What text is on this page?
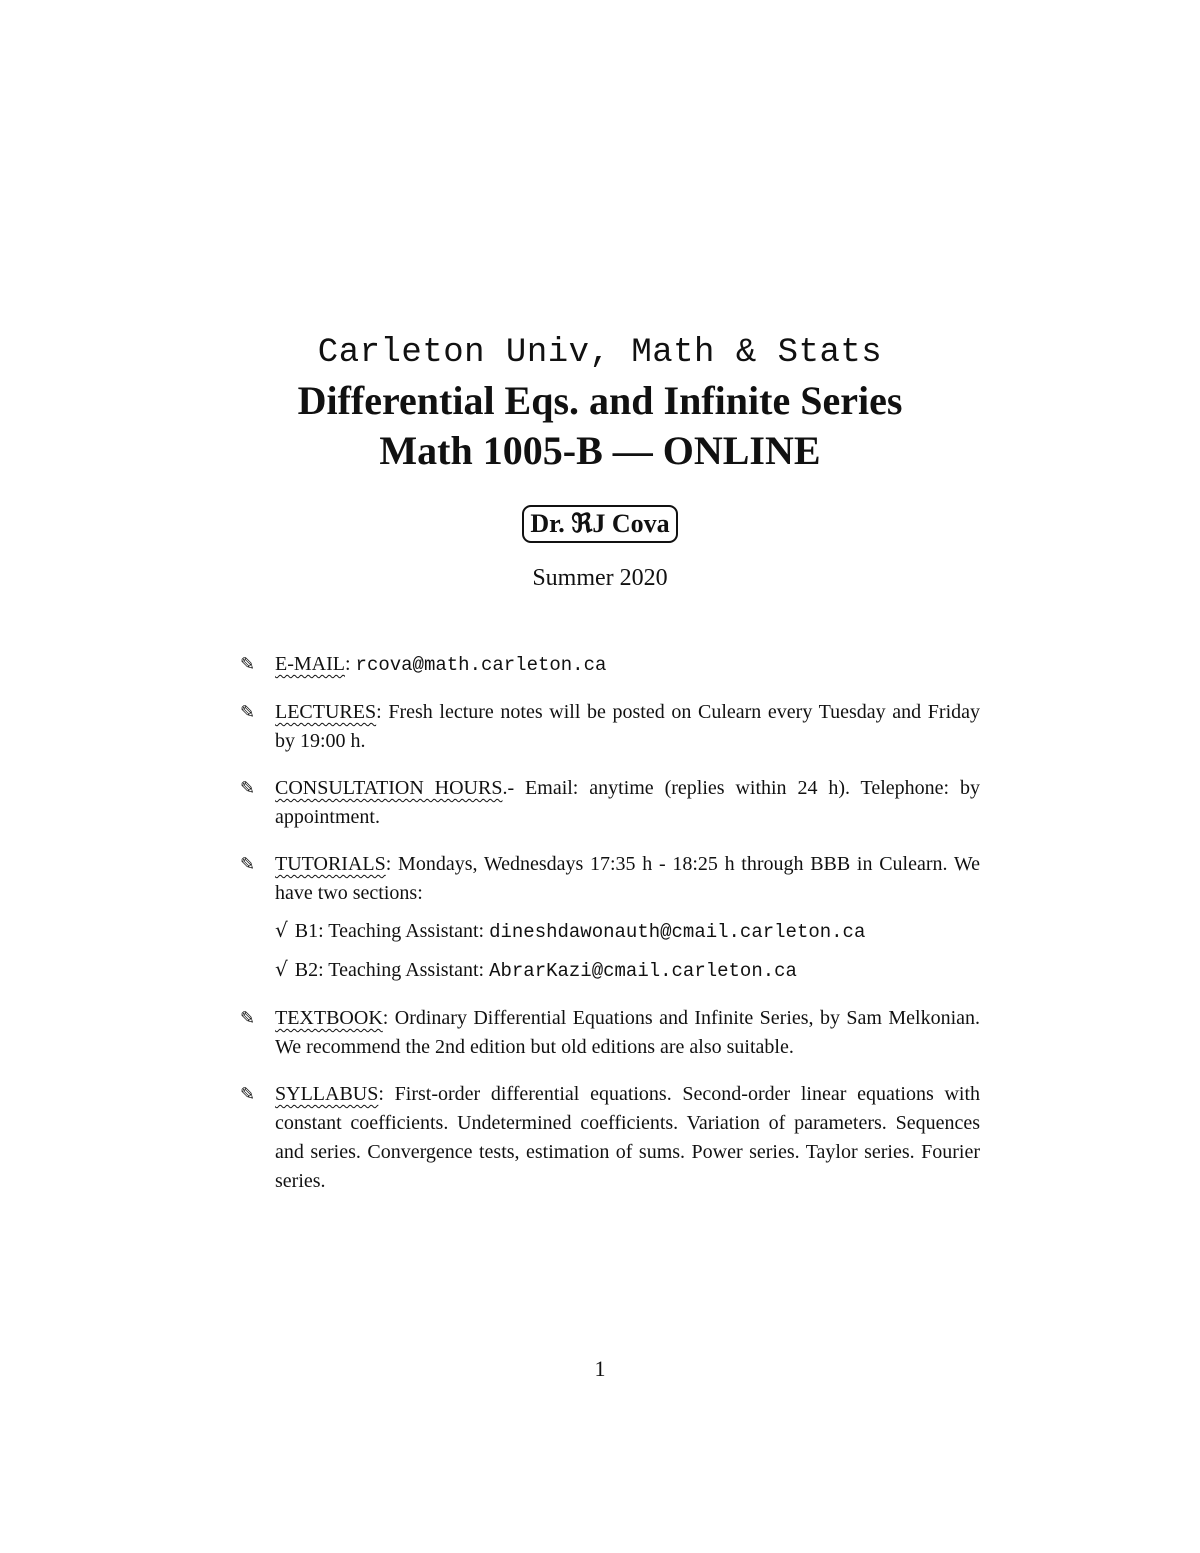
Carleton Univ, Math & Stats
Differential Eqs. and Infinite Series
Math 1005-B — ONLINE
Dr. ℜJ Cova
Summer 2020
✎ E-MAIL: rcova@math.carleton.ca
✎ LECTURES: Fresh lecture notes will be posted on Culearn every Tuesday and Friday by 19:00 h.
✎ CONSULTATION HOURS.- Email: anytime (replies within 24 h). Telephone: by appointment.
✎ TUTORIALS: Mondays, Wednesdays 17:35 h - 18:25 h through BBB in Culearn. We have two sections:
√ B1: Teaching Assistant: dineshdawonauth@cmail.carleton.ca
√ B2: Teaching Assistant: AbrarKazi@cmail.carleton.ca
✎ TEXTBOOK: Ordinary Differential Equations and Infinite Series, by Sam Melkonian. We recommend the 2nd edition but old editions are also suitable.
✎ SYLLABUS: First-order differential equations. Second-order linear equations with constant coefficients. Undetermined coefficients. Variation of parameters. Sequences and series. Convergence tests, estimation of sums. Power series. Taylor series. Fourier series.
1
